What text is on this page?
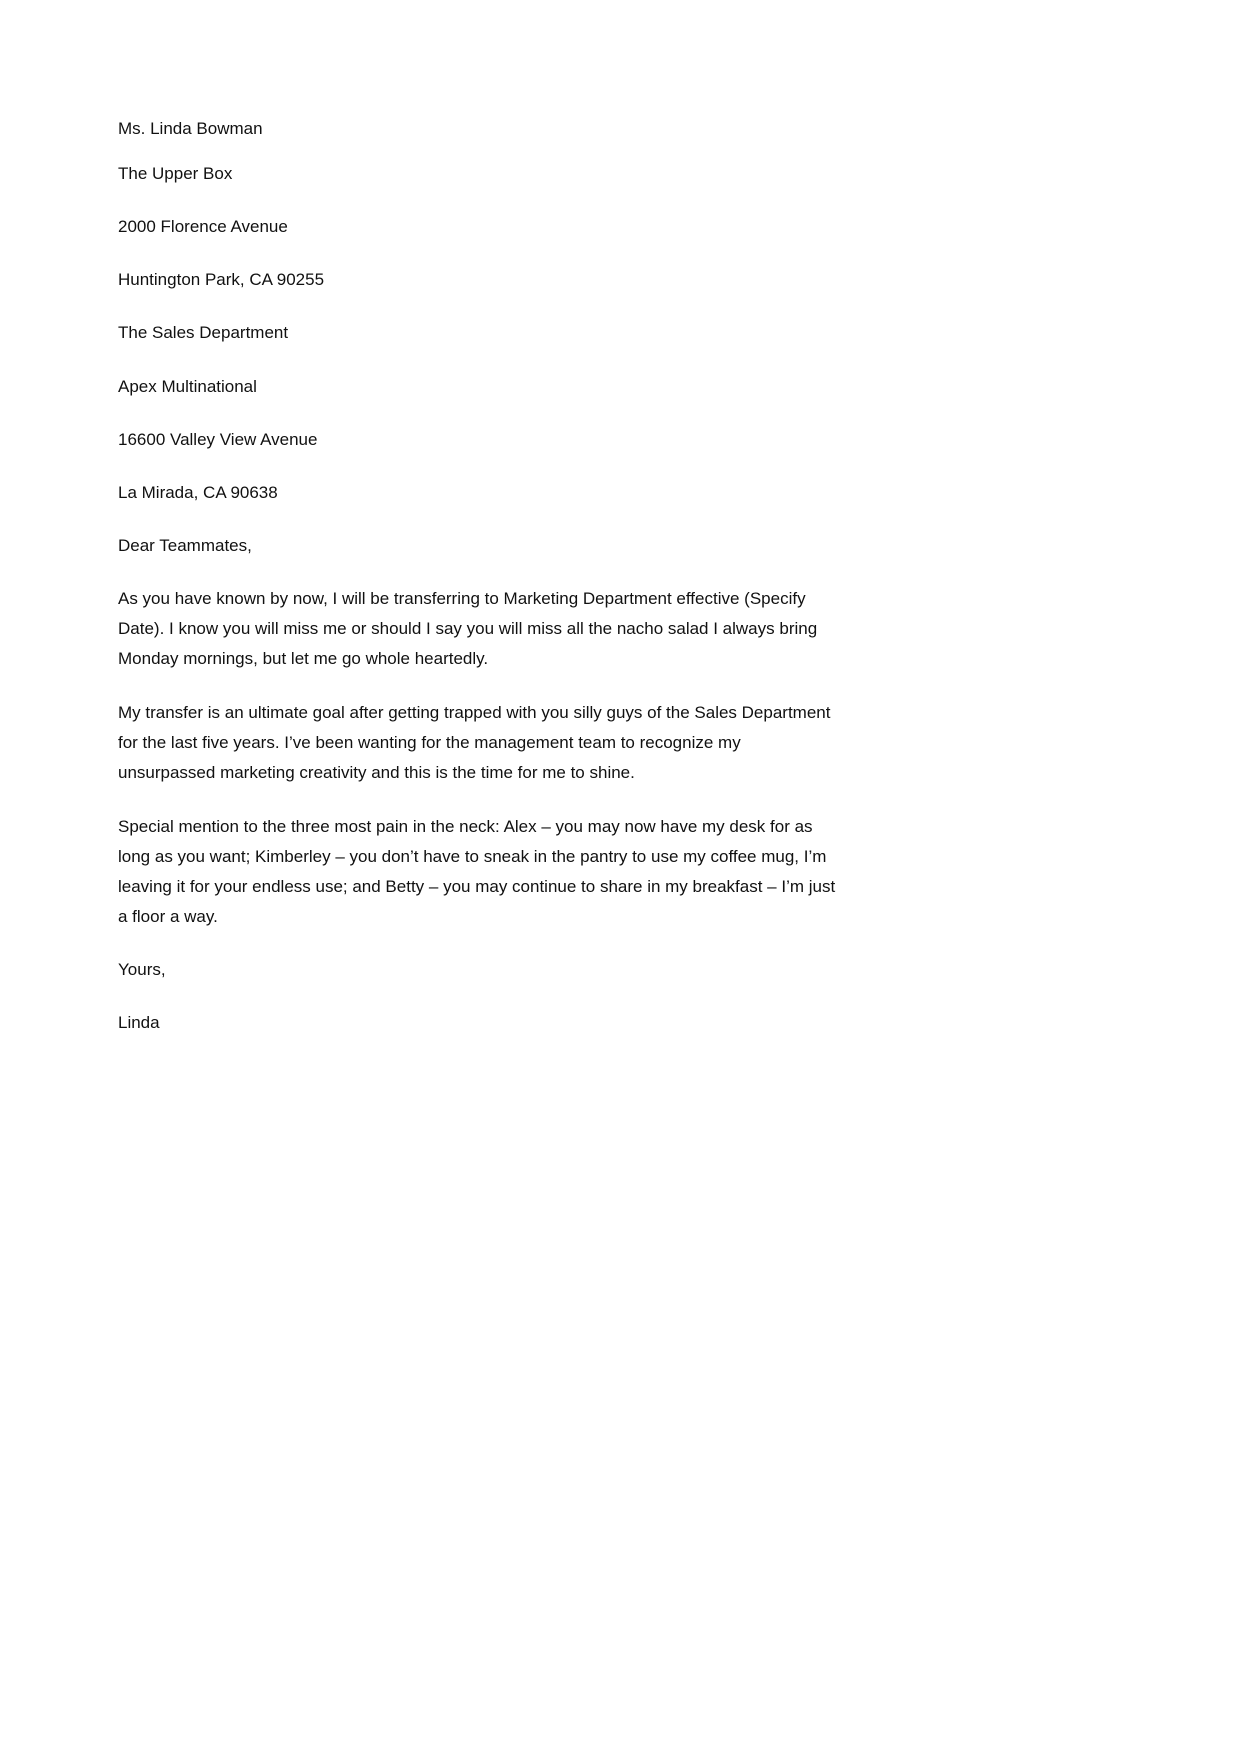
Ms. Linda Bowman

The Upper Box

2000 Florence Avenue

Huntington Park, CA 90255

The Sales Department

Apex Multinational

16600 Valley View Avenue

La Mirada, CA 90638

Dear Teammates,

As you have known by now, I will be transferring to Marketing Department effective (Specify
Date). I know you will miss me or should I say you will miss all the nacho salad I always bring
Monday mornings, but let me go whole heartedly.
My transfer is an ultimate goal after getting trapped with you silly guys of the Sales Department
for the last five years. I’ve been wanting for the management team to recognize my
unsurpassed marketing creativity and this is the time for me to shine.
Special mention to the three most pain in the neck: Alex – you may now have my desk for as
long as you want; Kimberley – you don’t have to sneak in the pantry to use my coffee mug, I’m
leaving it for your endless use; and Betty – you may continue to share in my breakfast – I’m just
a floor a way.

Yours,

Linda
